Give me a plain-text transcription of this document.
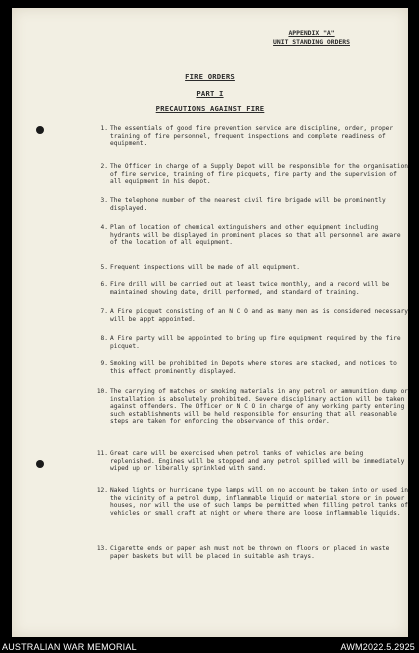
APPENDIX "A"
UNIT STANDING ORDERS
FIRE ORDERS
PART I
PRECAUTIONS AGAINST FIRE
1. The essentials of good fire prevention service are discipline, order, proper training of fire personnel, frequent inspections and complete readiness of equipment.
2. The Officer in charge of a Supply Depot will be responsible for the organisation of fire service, training of fire picquets, fire party and the supervision of all equipment in his depot.
3. The telephone number of the nearest civil fire brigade will be prominently displayed.
4. Plan of location of chemical extinguishers and other equipment including hydrants will be displayed in prominent places so that all personnel are aware of the location of all equipment.
5. Frequent inspections will be made of all equipment.
6. Fire drill will be carried out at least twice monthly, and a record will be maintained showing date, drill performed, and standard of training.
7. A Fire picquet consisting of an N C O and as many men as is considered necessary will be appt appointed.
8. A Fire party will be appointed to bring up fire equipment required by the fire picquet.
9. Smoking will be prohibited in Depots where stores are stacked, and notices to this effect prominently displayed.
10. The carrying of matches or smoking materials in any petrol or ammunition dump or installation is absolutely prohibited. Severe disciplinary action will be taken against offenders. The Officer or N C O in charge of any working party entering such establishments will be held responsible for ensuring that all reasonable steps are taken for enforcing the observance of this order.
11. Great care will be exercised when petrol tanks of vehicles are being replenished. Engines will be stopped and any petrol spilled will be immediately wiped up or liberally sprinkled with sand.
12. Naked lights or hurricane type lamps will on no account be taken into or used in the vicinity of a petrol dump, inflammable liquid or material store or in power houses, nor will the use of such lamps be permitted when filling petrol tanks of vehicles or small craft at night or where there are loose inflammable liquids.
13. Cigarette ends or paper ash must not be thrown on floors or placed in waste paper baskets but will be placed in suitable ash trays.
AUSTRALIAN WAR MEMORIAL	AWM2022.5.2925
